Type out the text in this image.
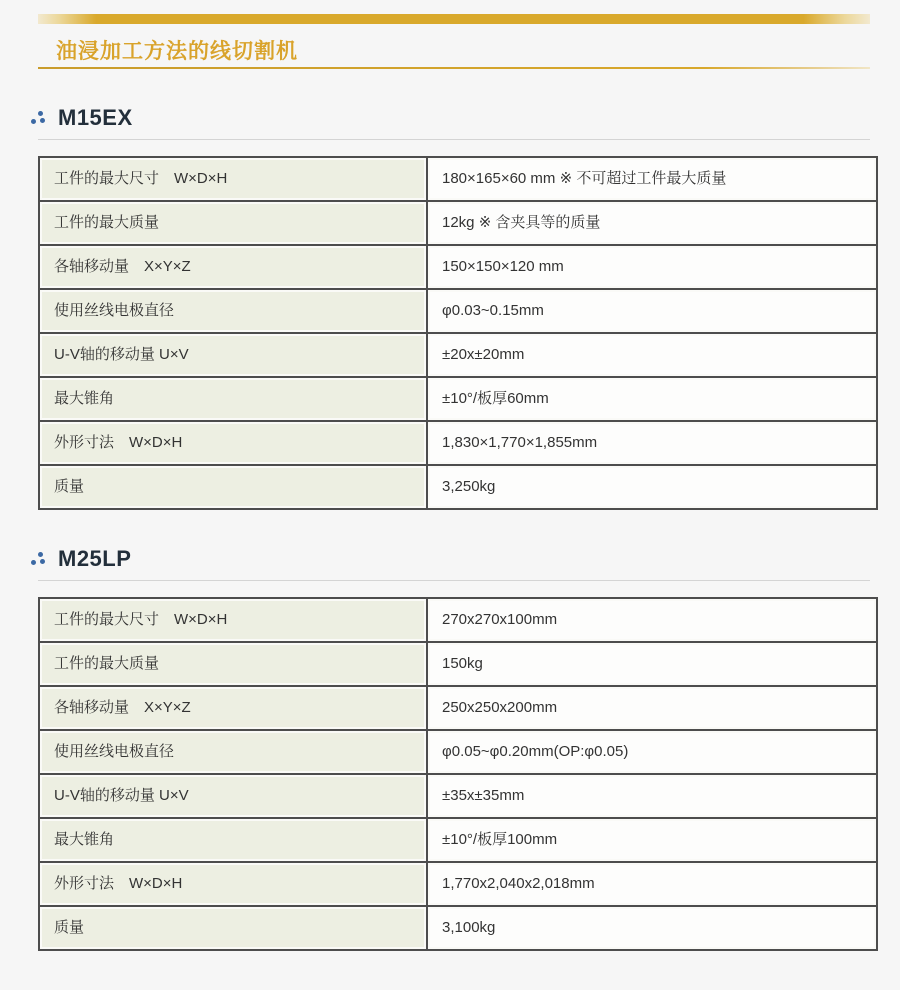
油浸加工方法的线切割机
M15EX
工件的最大尺寸　W×D×H	180×165×60 mm ※ 不可超过工件最大质量
工件的最大质量	12kg ※ 含夹具等的质量
各轴移动量　X×Y×Z	150×150×120 mm
使用丝线电极直径	φ0.03~0.15mm
U-V轴的移动量 U×V	±20x±20mm
最大锥角	±10°/板厚60mm
外形寸法　W×D×H	1,830×1,770×1,855mm
质量	3,250kg
M25LP
工件的最大尺寸　W×D×H	270x270x100mm
工件的最大质量	150kg
各轴移动量　X×Y×Z	250x250x200mm
使用丝线电极直径	φ0.05~φ0.20mm(OP:φ0.05)
U-V轴的移动量 U×V	±35x±35mm
最大锥角	±10°/板厚100mm
外形寸法　W×D×H	1,770x2,040x2,018mm
质量	3,100kg
